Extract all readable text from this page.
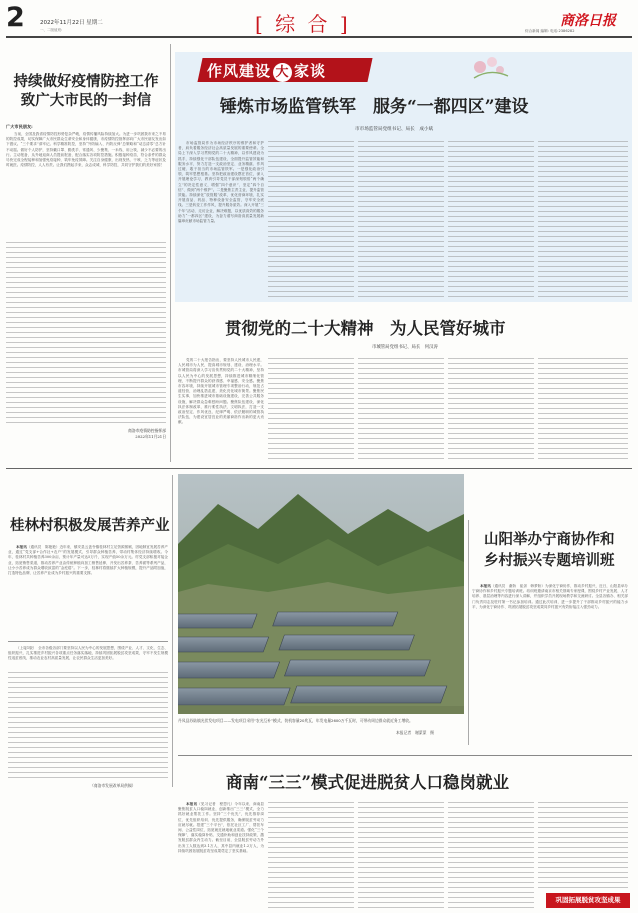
2	2022年11月22日 星期二
一、二版值班:	[ 综 合 ]	商洛日报
综合新闻 编辑: 电话:2386282
持续做好疫情防控工作
致广大市民的一封信
广大市民朋友:

当前，全国及我省疫情防控形势复杂严峻，疫情传播风险持续加大。为进一步巩固我市来之不易的防控成果，切实保障广大市民群众生命安全和身体健康，市疫情防控指挥部向广大市民朋友发出如下倡议。“三个要求”请牢记。科学精准防控，坚持“外防输入、内防反弹”总策略和“动态清零”总方针不动摇。做好个人防护，坚持戴口罩、勤洗手、常通风、少聚集、一米线、用公筷，减少不必要的出行。主动报备，从外地返商人员提前报备，配合落实各项防控措施。积极接种疫苗，符合条件的群众尽快完成全程接种和加强免疫接种，筑牢免疫屏障。关注自身健康，出现发热、干咳、乏力等症状及时就医。疫情防控，人人有责。让我们携起手来，众志成城、科学防控，共同守护我们的美好家园！

商洛市疫情防控指挥部
2022年11月21日
作风建设 大 家谈
锤炼市场监管铁军　服务“一都四区”建设
市市场监管局党组书记、局长　成小斌

市场监管局作为市场经济秩序的维护者和守护者，肩负着服务经济社会高质量发展的重要使命。全局上下深入学习贯彻党的二十大精神，以作风建设为抓手，持续强化干部队伍建设，全面提升监管效能和服务水平，努力打造一支政治坚定、业务精湛、作风过硬、敢于担当的市场监管铁军。一是强化政治引领，筑牢思想根基。坚持把政治建设摆在首位，深入开展理论学习，教育引导党员干部深刻领悟“两个确立”的决定性意义，增强“四个意识”、坚定“四个自信”、做到“两个维护”。二是聚焦主责主业，提升监管效能。持续深化“放管服”改革，优化营商环境，扎实开展食品、药品、特种设备安全监管，守牢安全底线。三是转变工作作风，提升服务质效。深入开展“三个年”活动，走访企业，解决难题，以优质高效的服务助力“一都四区”建设，为奋力谱写商洛高质量发展新篇章贡献市场监管力量。

贯彻党的二十大精神　为人民管好城市
市城管局党组书记、局长　何汉涛

党的二十大报告指出，要坚持人民城市人民建，人民城市为人民，提高城市规划、建设、治理水平。市城管局将深入学习宣传贯彻党的二十大精神，坚持以人民为中心的发展思想，持续推进城市精细化管理，不断提升群众的获得感、幸福感、安全感。聚焦市容环境，持续开展城市管理专项整治行动，规范占道经营，治理乱搭乱建，美化亮化城市街景。聚焦民生实事，加快推进城市基础设施建设，完善公共服务设施，解决群众急难愁盼问题。聚焦队伍建设，深化执法体制改革，推行柔性执法、文明执法，打造一支政治坚定、作风优良、纪律严明、依法履职的城管执法队伍，为建设宜居宜业的美丽商洛作出新的更大贡献。

桂林村积极发展苦养产业

本报讯（通讯员　陈艳艳）近年来，镇安县云盖寺镇桂林村立足资源禀赋，因地制宜发展苦养产业，通过“党支部+合作社+农户”的发展模式，引导群众种植苦养，带动村集体经济持续增收。今年，桂林村共种植苦养300余亩，预计年产量可达5万斤，实现产值50余万元。村党支部积极对接企业，拓宽销售渠道，推动苦养产业由传统种植向加工销售延伸，开发出苦养茶、苦养面等系列产品，让小小苦养成为群众增收致富的“金疙瘩”。下一步，桂林村将继续扩大种植规模，提升产品附加值，打造特色品牌，让苦养产业成为乡村振兴的重要支撑。

（上接1版）　全市各级各部门要坚持以人民为中心的发展思想，围绕产业、人才、文化、生态、组织振兴，扎实推进乡村振兴各项重点任务落实落地，持续巩固拓展脱贫攻坚成果，守牢不发生规模性返贫底线，推动农业农村高质量发展，让农民群众生活更加美好。

（商洛市发展改革局供稿）
丹凤县苏陆镇光伏发电项目——发电项目采用“农光互补”模式，装机容量20兆瓦，年发电量2600万千瓦时，可带动周边群众就近务工增收。
本报记者　谢蒙蒙　摄
山阳举办宁商协作和
乡村振兴专题培训班

本报讯（通讯员　谢娇　崔剑　韩梦娇）为深化宁商协作，推动乡村振兴，近日，山阳县举办宁商协作和乡村振兴专题培训班。培训班邀请南京市相关领域专家授课，围绕乡村产业发展、人才培养、基层治理等内容进行深入讲解，并组织学员开展现场教学和交流研讨。全县各镇办、相关部门负责同志及驻村第一书记参加培训。通过此次培训，进一步提升了干部推动乡村振兴的能力水平，为深化宁商协作、巩固拓展脱贫攻坚成果同乡村振兴有效衔接注入强劲动力。

商南“三三”模式促进脱贫人口稳岗就业

本报讯（见习记者　程思凡）今年以来，商南县聚焦脱贫人口稳岗就业，创新推出“三三”模式，全力抓好就业帮扶工作。坚持“三个优先”，优先推荐岗位、优先组织培训、优先提供服务，确保脱贫劳动力应就尽就。搭建“三个平台”，依托社区工厂、帮扶车间、公益性岗位，拓宽就近就地就业渠道。强化“三个保障”，落实稳岗补贴、交通补助和创业扶持政策，激发脱贫群众内生动力。截至目前，全县脱贫劳动力外出务工人数达到3.1万人，其中县内就业1.2万人，为持续巩固拓展脱贫攻坚成果奠定了坚实基础。

巩固拓展脱贫攻坚成果
